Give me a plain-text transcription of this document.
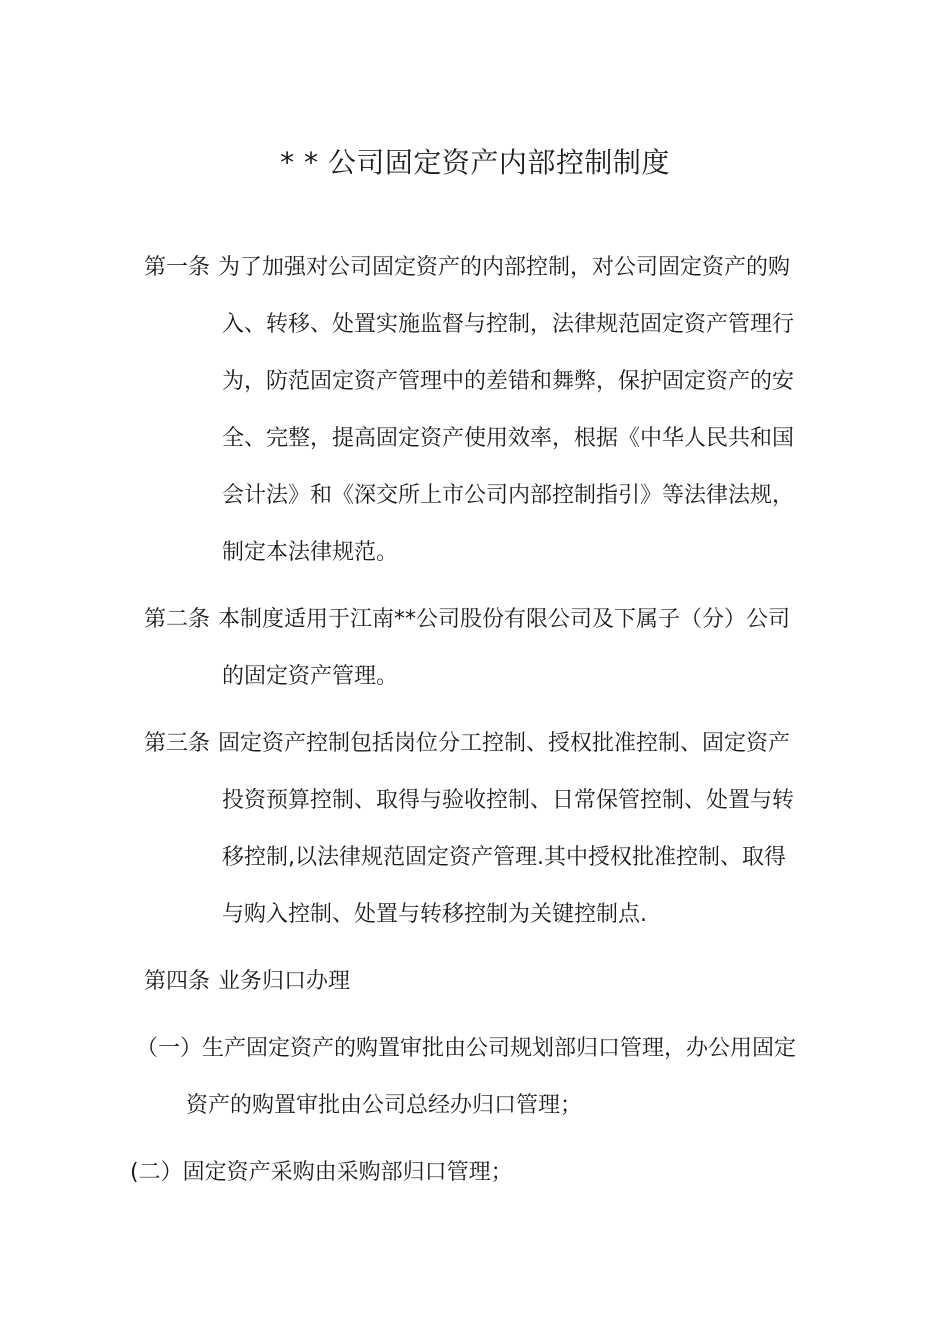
* * 公司固定资产内部控制制度
第一条 为了加强对公司固定资产的内部控制，对公司固定资产的购
入、转移、处置实施监督与控制，法律规范固定资产管理行
为，防范固定资产管理中的差错和舞弊，保护固定资产的安
全、完整，提高固定资产使用效率，根据《中华人民共和国
会计法》和《深交所上市公司内部控制指引》等法律法规，
制定本法律规范。
第二条 本制度适用于江南**公司股份有限公司及下属子（分）公司
的固定资产管理。
第三条 固定资产控制包括岗位分工控制、授权批准控制、固定资产
投资预算控制、取得与验收控制、日常保管控制、处置与转
移控制,以法律规范固定资产管理.其中授权批准控制、取得
与购入控制、处置与转移控制为关键控制点.
第四条 业务归口办理
（一）生产固定资产的购置审批由公司规划部归口管理，办公用固定
资产的购置审批由公司总经办归口管理；
(二）固定资产采购由采购部归口管理；
